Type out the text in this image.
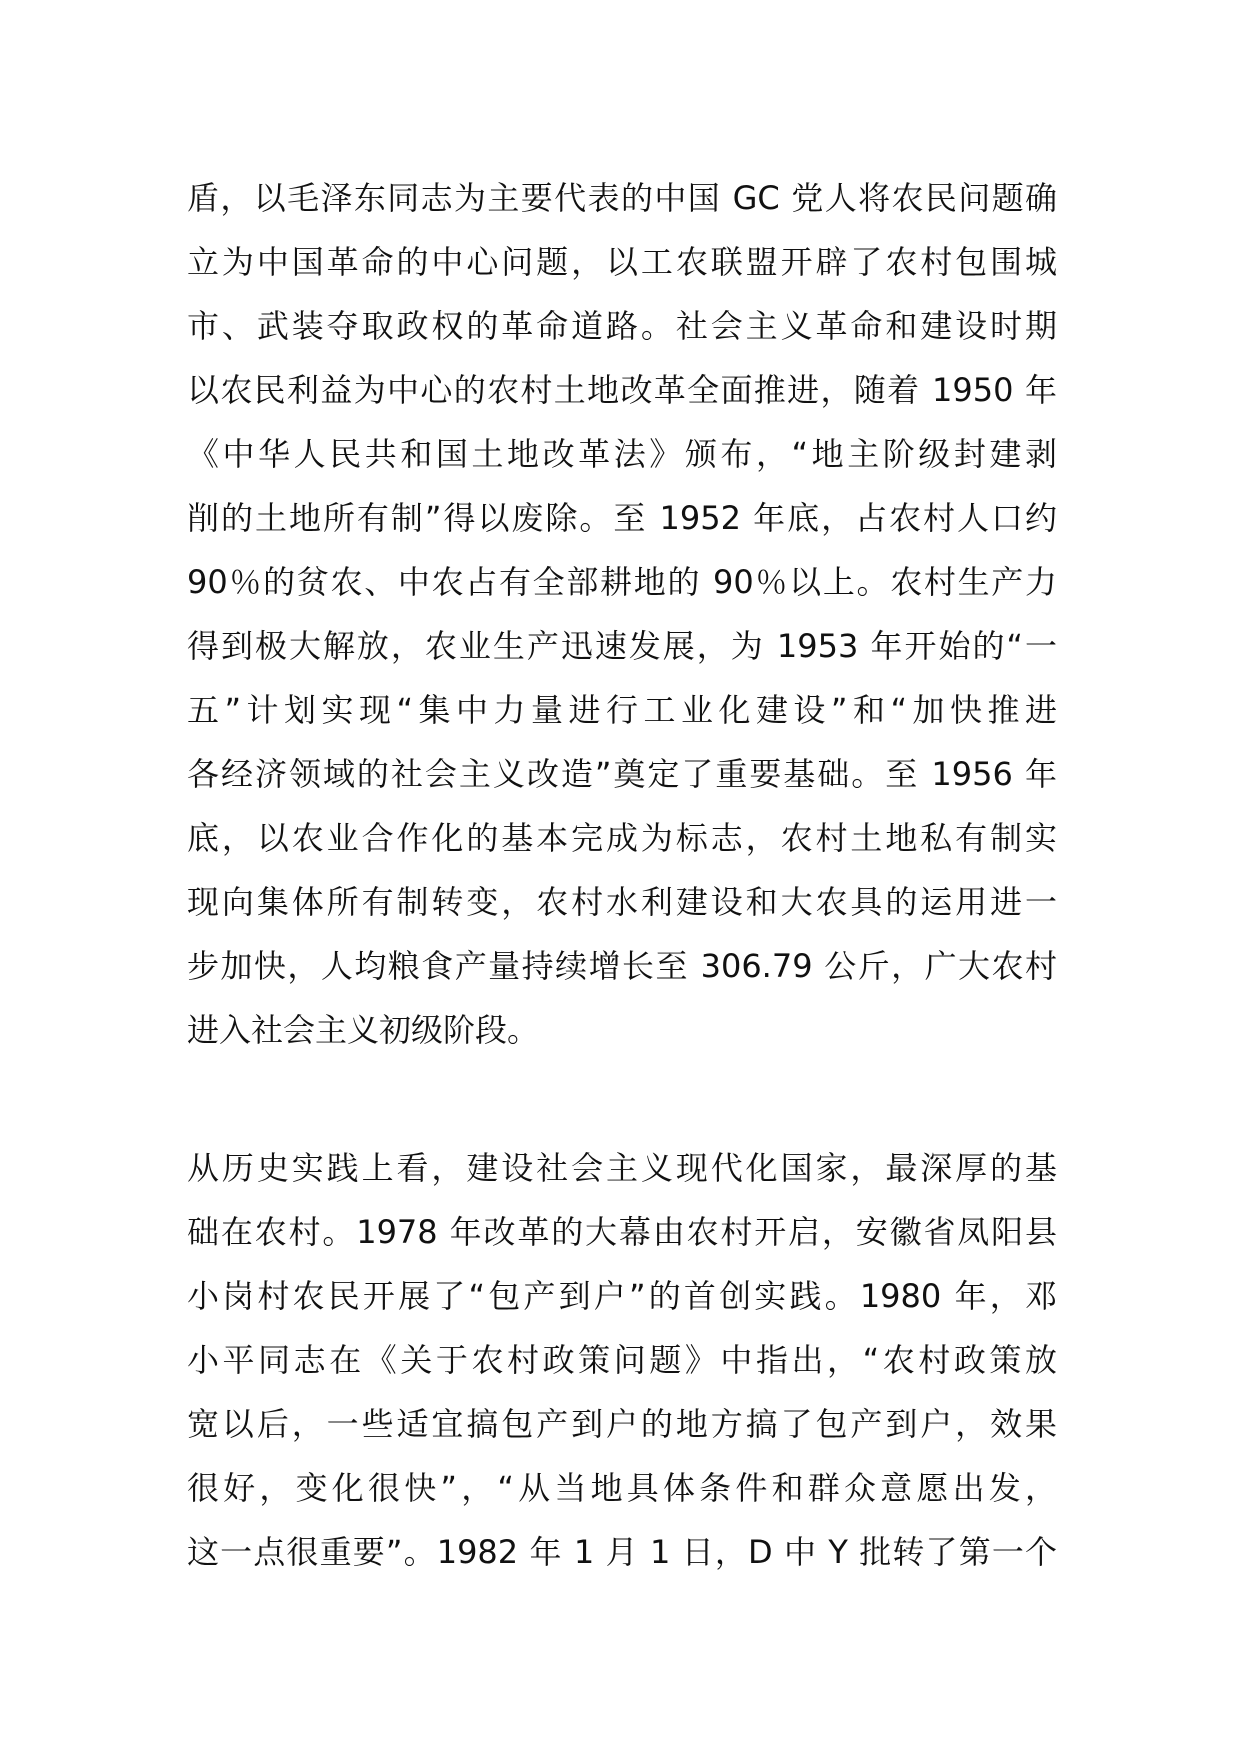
盾，以毛泽东同志为主要代表的中国 GC 党人将农民问题确
立为中国革命的中心问题，以工农联盟开辟了农村包围城
市、武装夺取政权的革命道路。社会主义革命和建设时期
以农民利益为中心的农村土地改革全面推进，随着 1950 年
《中华人民共和国土地改革法》颁布，“地主阶级封建剥
削的土地所有制”得以废除。至 1952 年底，占农村人口约
90％的贫农、中农占有全部耕地的 90％以上。农村生产力
得到极大解放，农业生产迅速发展，为 1953 年开始的“一
五”计划实现“集中力量进行工业化建设”和“加快推进
各经济领域的社会主义改造”奠定了重要基础。至 1956 年
底，以农业合作化的基本完成为标志，农村土地私有制实
现向集体所有制转变，农村水利建设和大农具的运用进一
步加快，人均粮食产量持续增长至 306.79 公斤，广大农村
进入社会主义初级阶段。

从历史实践上看，建设社会主义现代化国家，最深厚的基
础在农村。1978 年改革的大幕由农村开启，安徽省凤阳县
小岗村农民开展了“包产到户”的首创实践。1980 年，邓
小平同志在《关于农村政策问题》中指出，“农村政策放
宽以后，一些适宜搞包产到户的地方搞了包产到户，效果
很好，变化很快”，“从当地具体条件和群众意愿出发，
这一点很重要”。1982 年 1 月 1 日，D 中 Y 批转了第一个
